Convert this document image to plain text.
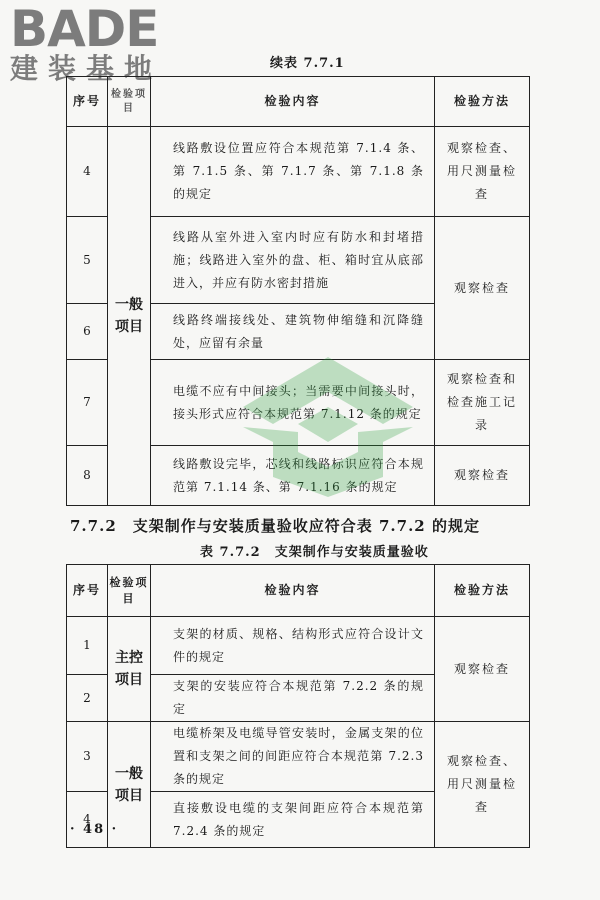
BADE
建装基地	续表 7.7.1
序号	检验项目	检验内容	检验方法
4	一般项目	线路敷设位置应符合本规范第 7.1.4 条、第 7.1.5 条、第 7.1.7 条、第 7.1.8 条的规定	观察检查、用尺测量检查
5		线路从室外进入室内时应有防水和封堵措施；线路进入室外的盘、柜、箱时宜从底部进入，并应有防水密封措施	观察检查
6		线路终端接线处、建筑物伸缩缝和沉降缝处，应留有余量	
7		电缆不应有中间接头；当需要中间接头时，接头形式应符合本规范第 7.1.12 条的规定	观察检查和检查施工记录
8		线路敷设完毕，芯线和线路标识应符合本规范第 7.1.14 条、第 7.1.16 条的规定	观察检查
7.7.2　支架制作与安装质量验收应符合表 7.7.2 的规定
表 7.7.2　支架制作与安装质量验收
序号	检验项目	检验内容	检验方法
1	主控项目	支架的材质、规格、结构形式应符合设计文件的规定	观察检查
2		支架的安装应符合本规范第 7.2.2 条的规定	
3	一般项目	电缆桥架及电缆导管安装时，金属支架的位置和支架之间的间距应符合本规范第 7.2.3 条的规定	观察检查、用尺测量检查
4		直接敷设电缆的支架间距应符合本规范第 7.2.4 条的规定	
· 48 ·
